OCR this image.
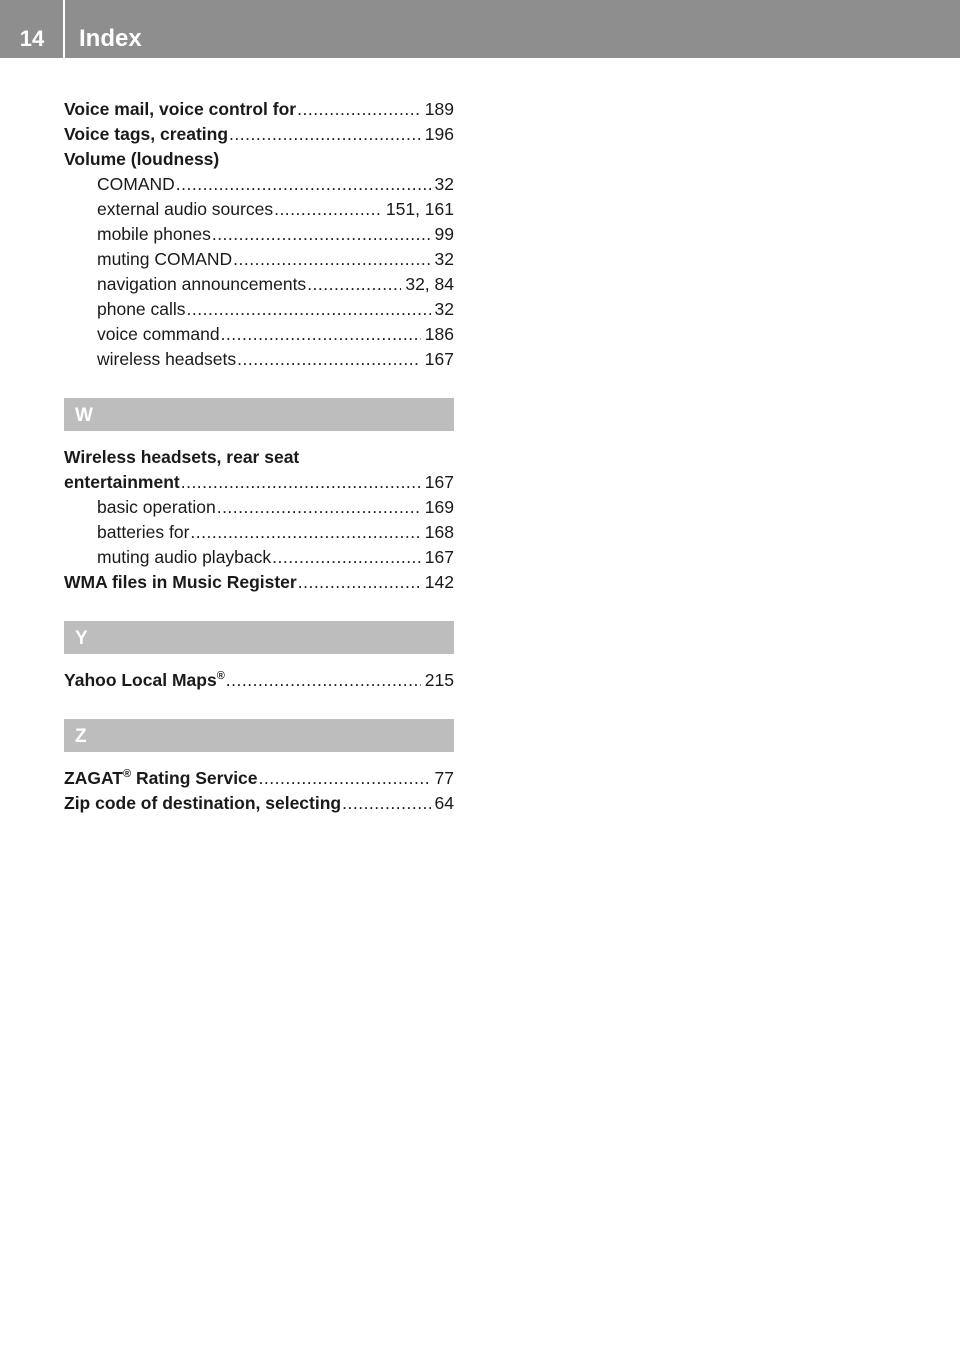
14	Index
Voice mail, voice control for .....	189
Voice tags, creating .....	196
Volume (loudness)
COMAND .....	32
external audio sources .....	151, 161
mobile phones .....	99
muting COMAND .....	32
navigation announcements .....	32, 84
phone calls .....	32
voice command .....	186
wireless headsets .....	167
W
Wireless headsets, rear seat
entertainment .....	167
basic operation .....	169
batteries for .....	168
muting audio playback .....	167
WMA files in Music Register .....	142
Y
Yahoo Local Maps® .....	215
Z
ZAGAT® Rating Service .....	77
Zip code of destination, selecting .....	64
